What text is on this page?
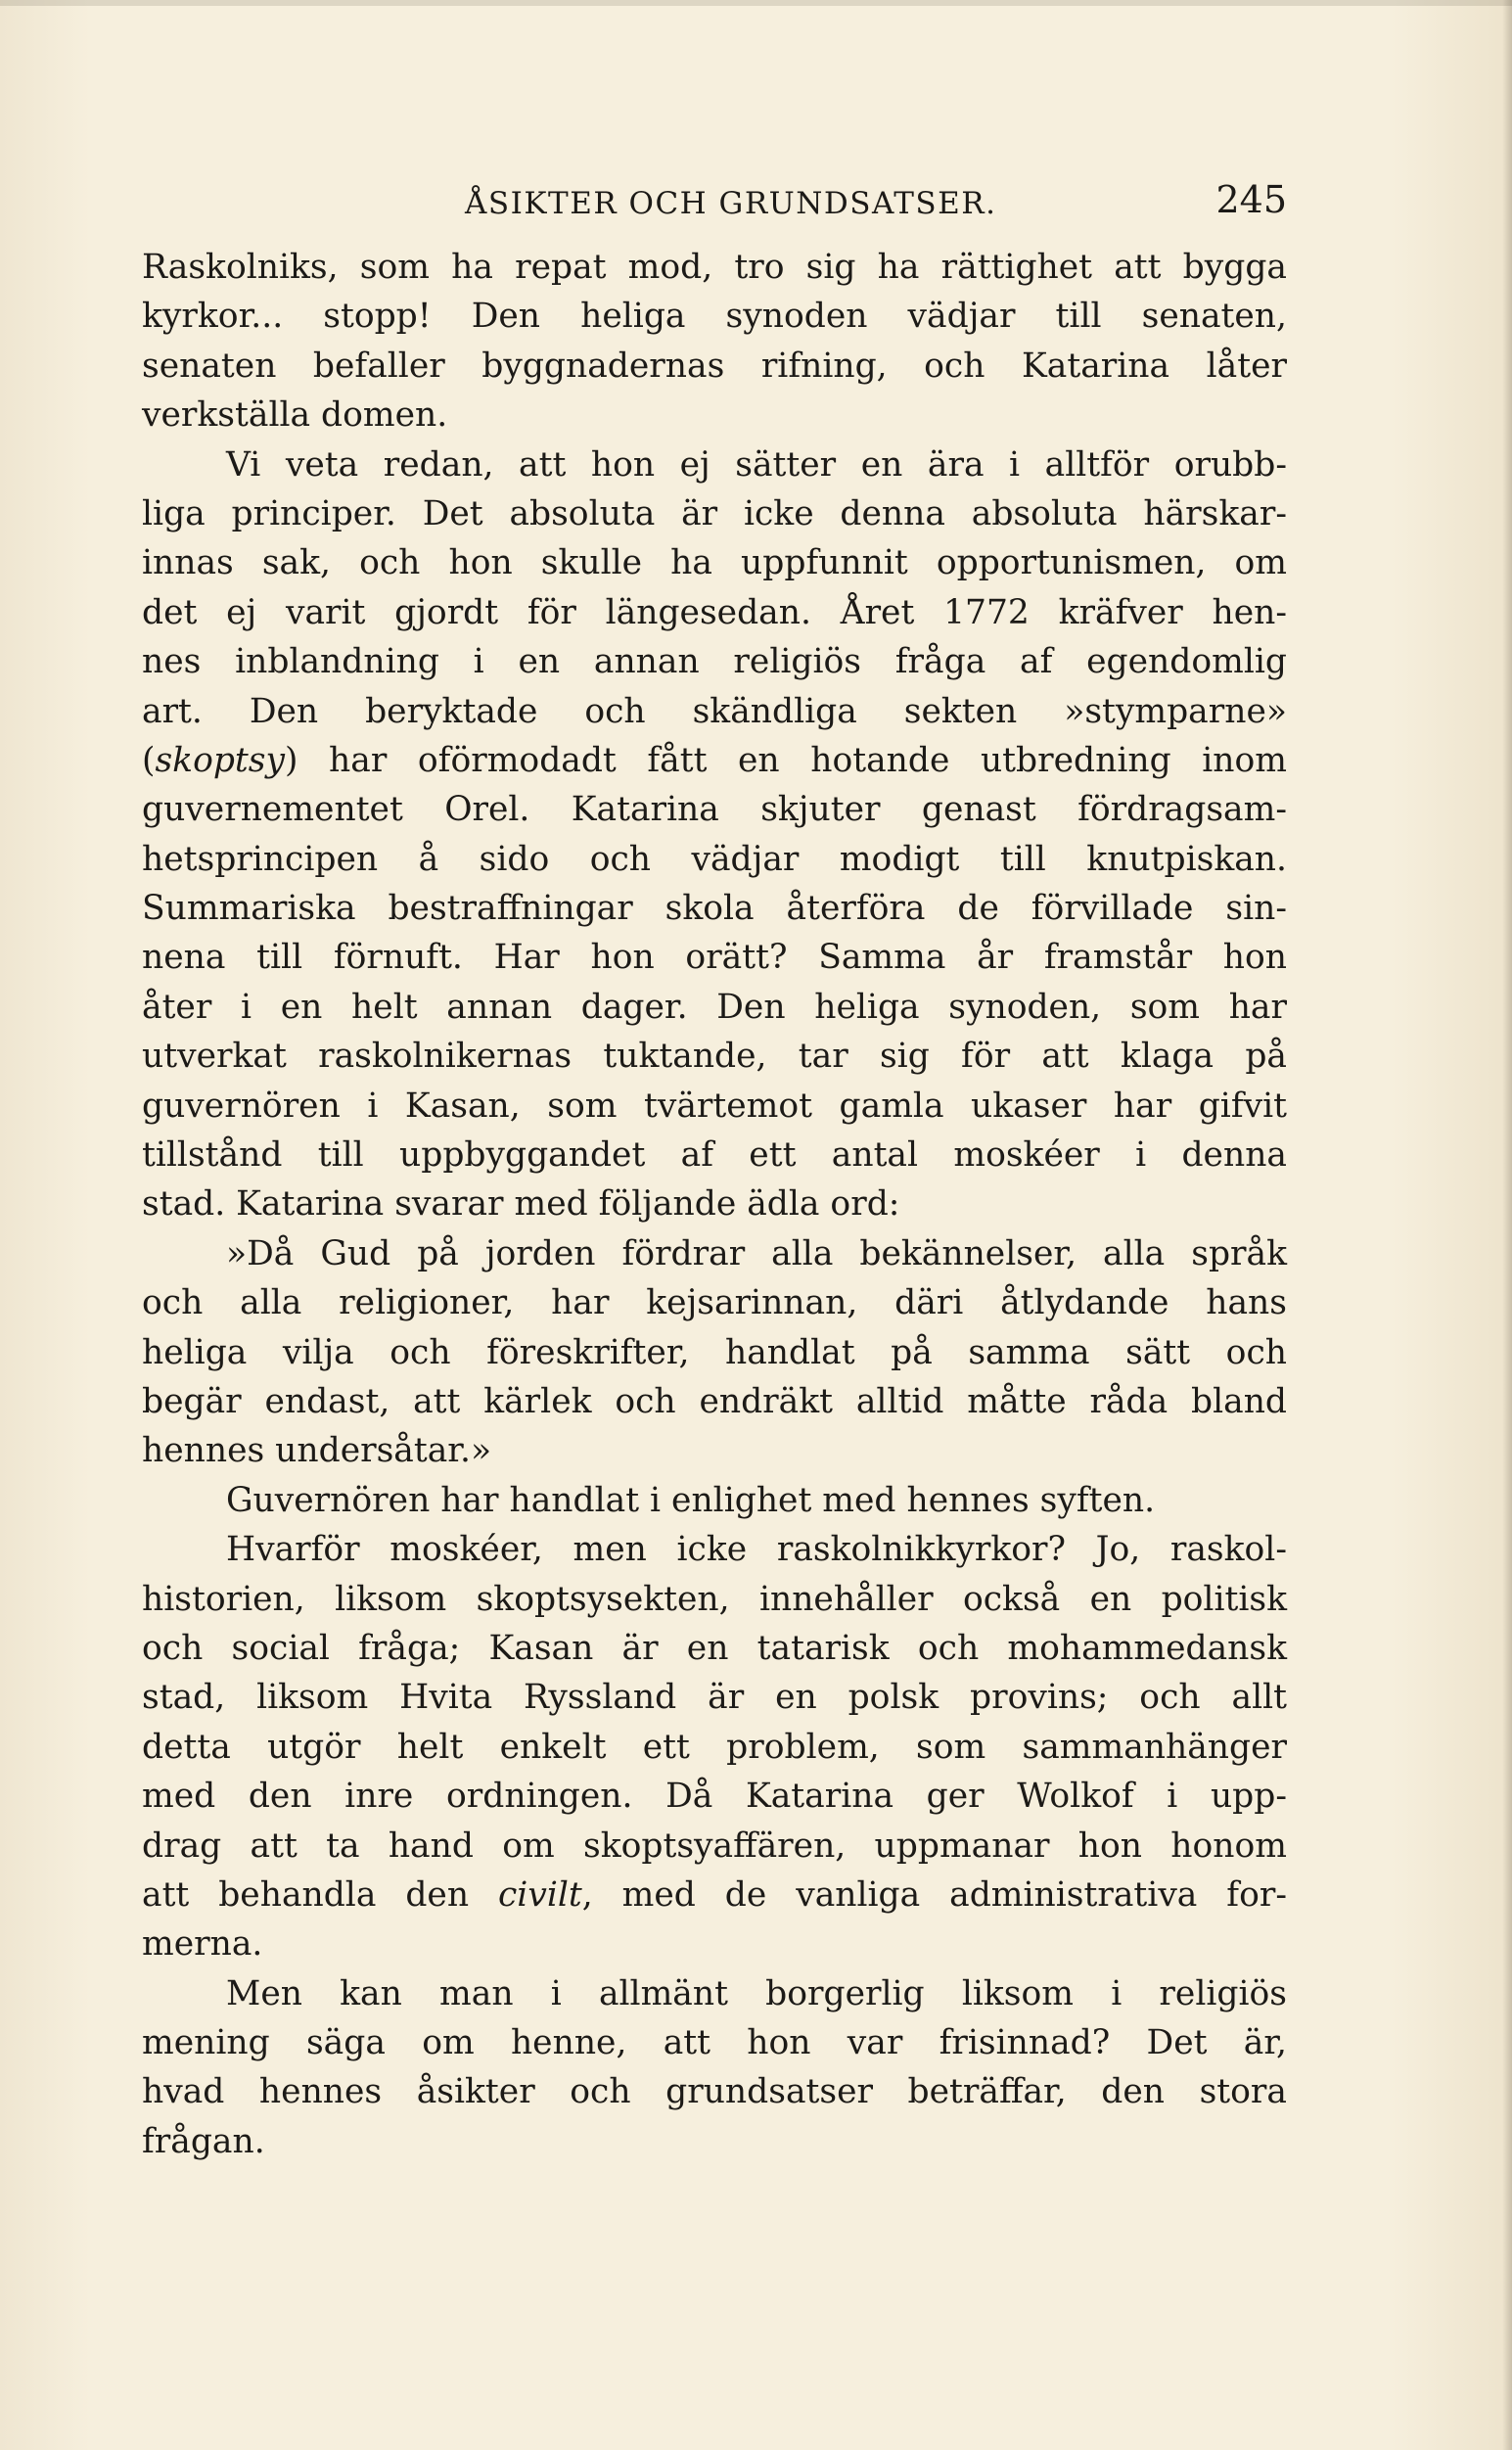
ÅSIKTER OCH GRUNDSATSER.	245
Raskolniks, som ha repat mod, tro sig ha rättighet att bygga
kyrkor... stopp! Den heliga synoden vädjar till senaten,
senaten befaller byggnadernas rifning, och Katarina låter
verkställa domen.
Vi veta redan, att hon ej sätter en ära i alltför orubb-
liga principer. Det absoluta är icke denna absoluta härskar-
innas sak, och hon skulle ha uppfunnit opportunismen, om
det ej varit gjordt för längesedan. Året 1772 kräfver hen-
nes inblandning i en annan religiös fråga af egendomlig
art. Den beryktade och skändliga sekten »stymparne»
(skoptsy) har oförmodadt fått en hotande utbredning inom
guvernementet Orel. Katarina skjuter genast fördragsam-
hetsprincipen å sido och vädjar modigt till knutpiskan.
Summariska bestraffningar skola återföra de förvillade sin-
nena till förnuft. Har hon orätt? Samma år framstår hon
åter i en helt annan dager. Den heliga synoden, som har
utverkat raskolnikernas tuktande, tar sig för att klaga på
guvernören i Kasan, som tvärtemot gamla ukaser har gifvit
tillstånd till uppbyggandet af ett antal moskéer i denna
stad. Katarina svarar med följande ädla ord:
»Då Gud på jorden fördrar alla bekännelser, alla språk
och alla religioner, har kejsarinnan, däri åtlydande hans
heliga vilja och föreskrifter, handlat på samma sätt och
begär endast, att kärlek och endräkt alltid måtte råda bland
hennes undersåtar.»
Guvernören har handlat i enlighet med hennes syften.
Hvarför moskéer, men icke raskolnikkyrkor? Jo, raskol-
historien, liksom skoptsysekten, innehåller också en politisk
och social fråga; Kasan är en tatarisk och mohammedansk
stad, liksom Hvita Ryssland är en polsk provins; och allt
detta utgör helt enkelt ett problem, som sammanhänger
med den inre ordningen. Då Katarina ger Wolkof i upp-
drag att ta hand om skoptsyaffären, uppmanar hon honom
att behandla den civilt, med de vanliga administrativa for-
merna.
Men kan man i allmänt borgerlig liksom i religiös
mening säga om henne, att hon var frisinnad? Det är,
hvad hennes åsikter och grundsatser beträffar, den stora
frågan.
